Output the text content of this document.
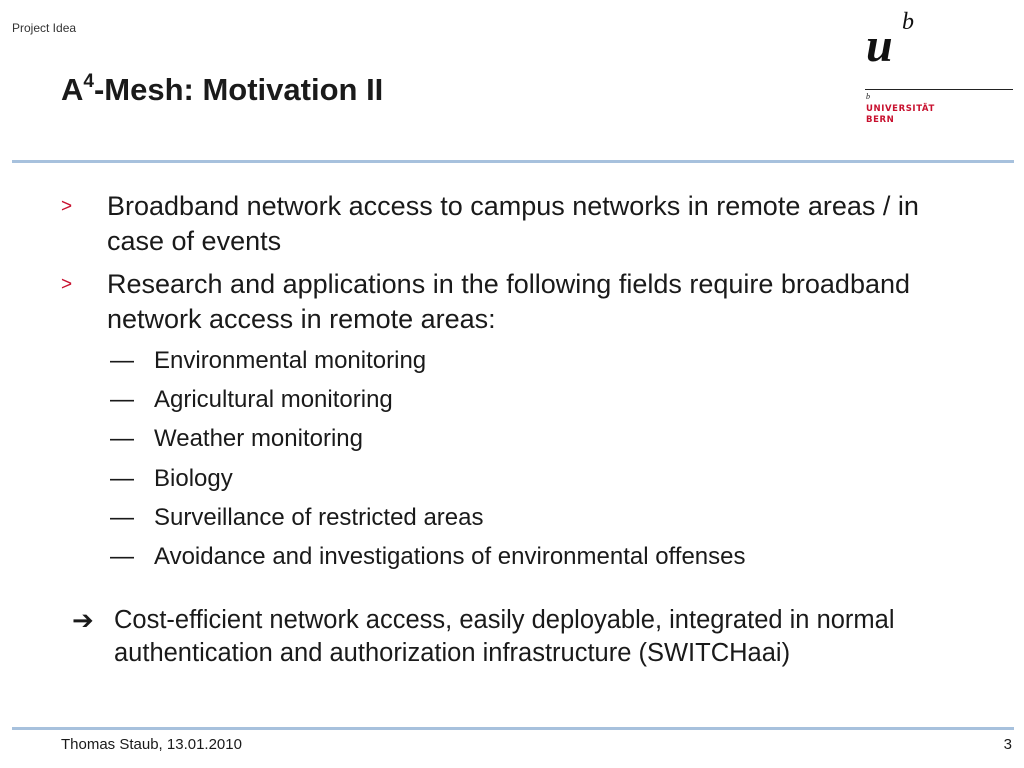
Project Idea
$A^4$-Mesh: Motivation II
u b
b
UNIVERSITÄT
BERN
> Broadband network access to campus networks in remote areas / in case of events
> Research and applications in the following fields require broadband network access in remote areas:
— Environmental monitoring
— Agricultural monitoring
— Weather monitoring
— Biology
— Surveillance of restricted areas
— Avoidance and investigations of environmental offenses
➔ Cost-efficient network access, easily deployable, integrated in normal authentication and authorization infrastructure (SWITCHaai)
Thomas Staub, 13.01.2010	3
